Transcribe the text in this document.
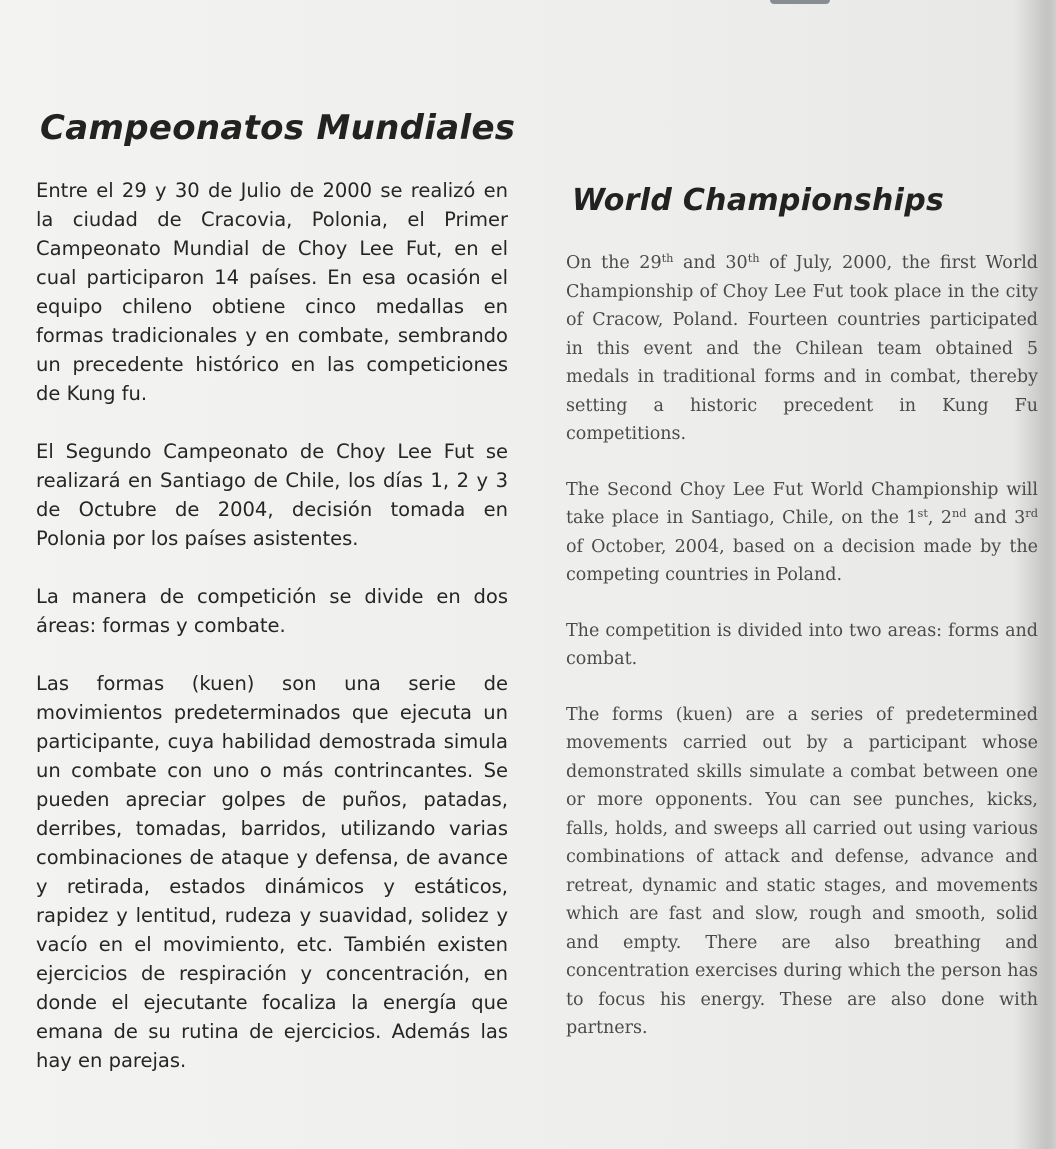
Campeonatos Mundiales

Entre el 29 y 30 de Julio de 2000 se realizó en la ciudad de Cracovia, Polonia, el Primer Campeonato Mundial de Choy Lee Fut, en el cual participaron 14 países. En esa ocasión el equipo chileno obtiene cinco medallas en formas tradicionales y en combate, sembrando un precedente histórico en las competiciones de Kung fu.

El Segundo Campeonato de Choy Lee Fut se realizará en Santiago de Chile, los días 1, 2 y 3 de Octubre de 2004, decisión tomada en Polonia por los países asistentes.

La manera de competición se divide en dos áreas: formas y combate.

Las formas (kuen) son una serie de movimientos predeterminados que ejecuta un participante, cuya habilidad demostrada simula un combate con uno o más contrincantes. Se pueden apreciar golpes de puños, patadas, derribes, tomadas, barridos, utilizando varias combinaciones de ataque y defensa, de avance y retirada, estados dinámicos y estáticos, rapidez y lentitud, rudeza y suavidad, solidez y vacío en el movimiento, etc. También existen ejercicios de respiración y concentración, en donde el ejecutante focaliza la energía que emana de su rutina de ejercicios. Además las hay en parejas.

World Championships

On the 29th and 30th of July, 2000, the first World Championship of Choy Lee Fut took place in the city of Cracow, Poland. Fourteen countries participated in this event and the Chilean team obtained 5 medals in traditional forms and in combat, thereby setting a historic precedent in Kung Fu competitions.

The Second Choy Lee Fut World Championship will take place in Santiago, Chile, on the 1st, 2nd and 3rd of October, 2004, based on a decision made by the competing countries in Poland.

The competition is divided into two areas: forms and combat.

The forms (kuen) are a series of predetermined movements carried out by a participant whose demonstrated skills simulate a combat between one or more opponents. You can see punches, kicks, falls, holds, and sweeps all carried out using various combinations of attack and defense, advance and retreat, dynamic and static stages, and movements which are fast and slow, rough and smooth, solid and empty. There are also breathing and concentration exercises during which the person has to focus his energy. These are also done with partners.
